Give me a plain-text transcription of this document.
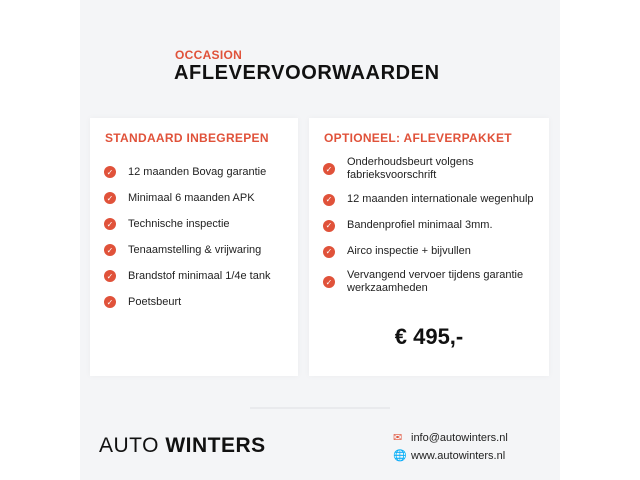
OCCASION
AFLEVERVOORWAARDEN
STANDAARD INBEGREPEN
✓ 12 maanden Bovag garantie
✓ Minimaal 6 maanden APK
✓ Technische inspectie
✓ Tenaamstelling & vrijwaring
✓ Brandstof minimaal 1/4e tank
✓ Poetsbeurt
OPTIONEEL: AFLEVERPAKKET
✓
Onderhoudsbeurt volgens fabrieksvoorschrift
✓ 12 maanden internationale wegenhulp
✓ Bandenprofiel minimaal 3mm.
✓ Airco inspectie + bijvullen
✓
Vervangend vervoer tijdens garantie werkzaamheden
€ 495,-
AUTO WINTERS	✉ info@autowinters.nl
🌐 www.autowinters.nl
